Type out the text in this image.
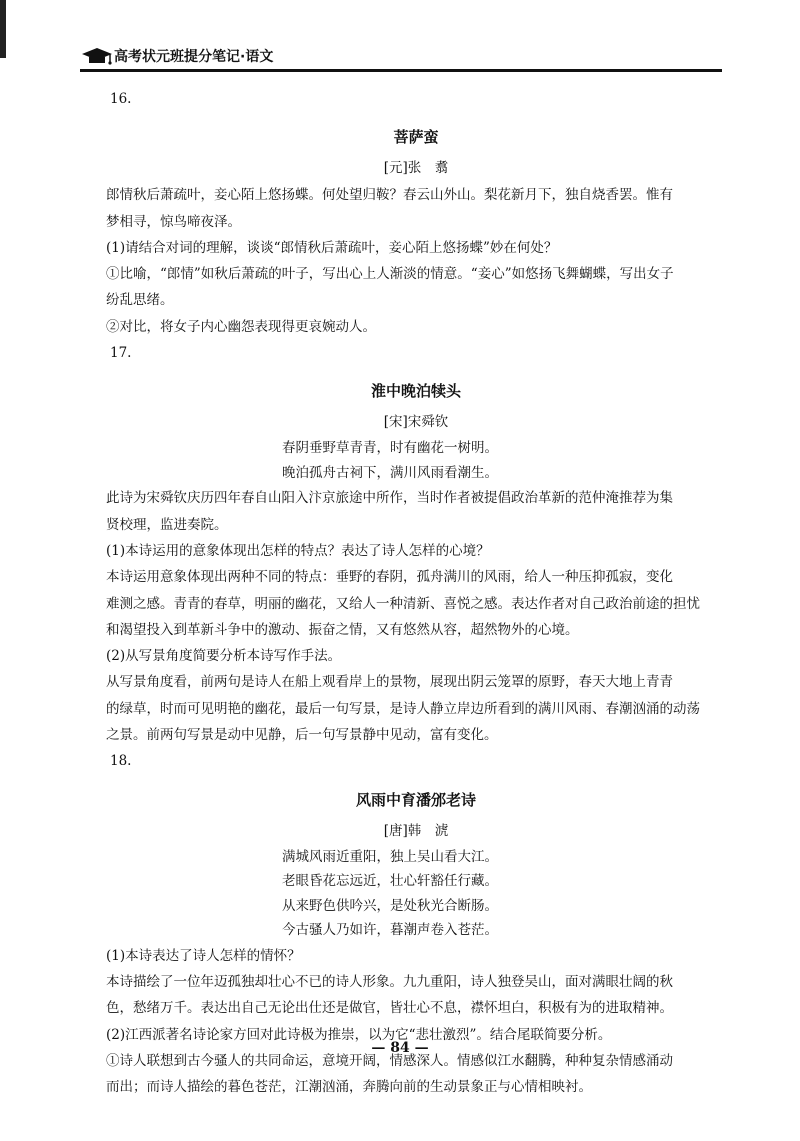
高考状元班提分笔记·语文
16.
菩萨蛮
[元]张　翥
郎情秋后萧疏叶，妾心陌上悠扬蝶。何处望归鞍？春云山外山。梨花新月下，独自烧香罢。惟有
梦相寻，惊鸟啼夜泽。
(1)请结合对词的理解，谈谈“郎情秋后萧疏叶，妾心陌上悠扬蝶”妙在何处？
①比喻，“郎情”如秋后萧疏的叶子，写出心上人渐淡的情意。“妾心”如悠扬飞舞蝴蝶，写出女子
纷乱思绪。
②对比，将女子内心幽怨表现得更哀婉动人。
17.
淮中晚泊犊头
[宋]宋舜钦
春阴垂野草青青，时有幽花一树明。
晚泊孤舟古祠下，满川风雨看潮生。
此诗为宋舜钦庆历四年春自山阳入汴京旅途中所作，当时作者被提倡政治革新的范仲淹推荐为集
贤校理，监进奏院。
(1)本诗运用的意象体现出怎样的特点？表达了诗人怎样的心境？
本诗运用意象体现出两种不同的特点：垂野的春阴，孤舟满川的风雨，给人一种压抑孤寂，变化
难测之感。青青的春草，明丽的幽花，又给人一种清新、喜悦之感。表达作者对自己政治前途的担忧
和渴望投入到革新斗争中的激动、振奋之情，又有悠然从容，超然物外的心境。
(2)从写景角度简要分析本诗写作手法。
从写景角度看，前两句是诗人在船上观看岸上的景物，展现出阴云笼罩的原野，春天大地上青青
的绿草，时而可见明艳的幽花，最后一句写景，是诗人静立岸边所看到的满川风雨、春潮汹涌的动荡
之景。前两句写景是动中见静，后一句写景静中见动，富有变化。
18.
风雨中育潘邠老诗
[唐]韩　淲
满城风雨近重阳，独上吴山看大江。
老眼昏花忘远近，壮心轩豁任行藏。
从来野色供吟兴，是处秋光合断肠。
今古骚人乃如许，暮潮声卷入苍茫。
(1)本诗表达了诗人怎样的情怀？
本诗描绘了一位年迈孤独却壮心不已的诗人形象。九九重阳，诗人独登吴山，面对满眼壮阔的秋
色，愁绪万千。表达出自己无论出仕还是做官，皆壮心不息，襟怀坦白，积极有为的进取精神。
(2)江西派著名诗论家方回对此诗极为推崇，以为它“悲壮激烈”。结合尾联简要分析。
①诗人联想到古今骚人的共同命运，意境开阔，情感深人。情感似江水翻腾，种种复杂情感涌动
而出；而诗人描绘的暮色苍茫，江潮汹涌，奔腾向前的生动景象正与心情相映衬。
— 84 —
